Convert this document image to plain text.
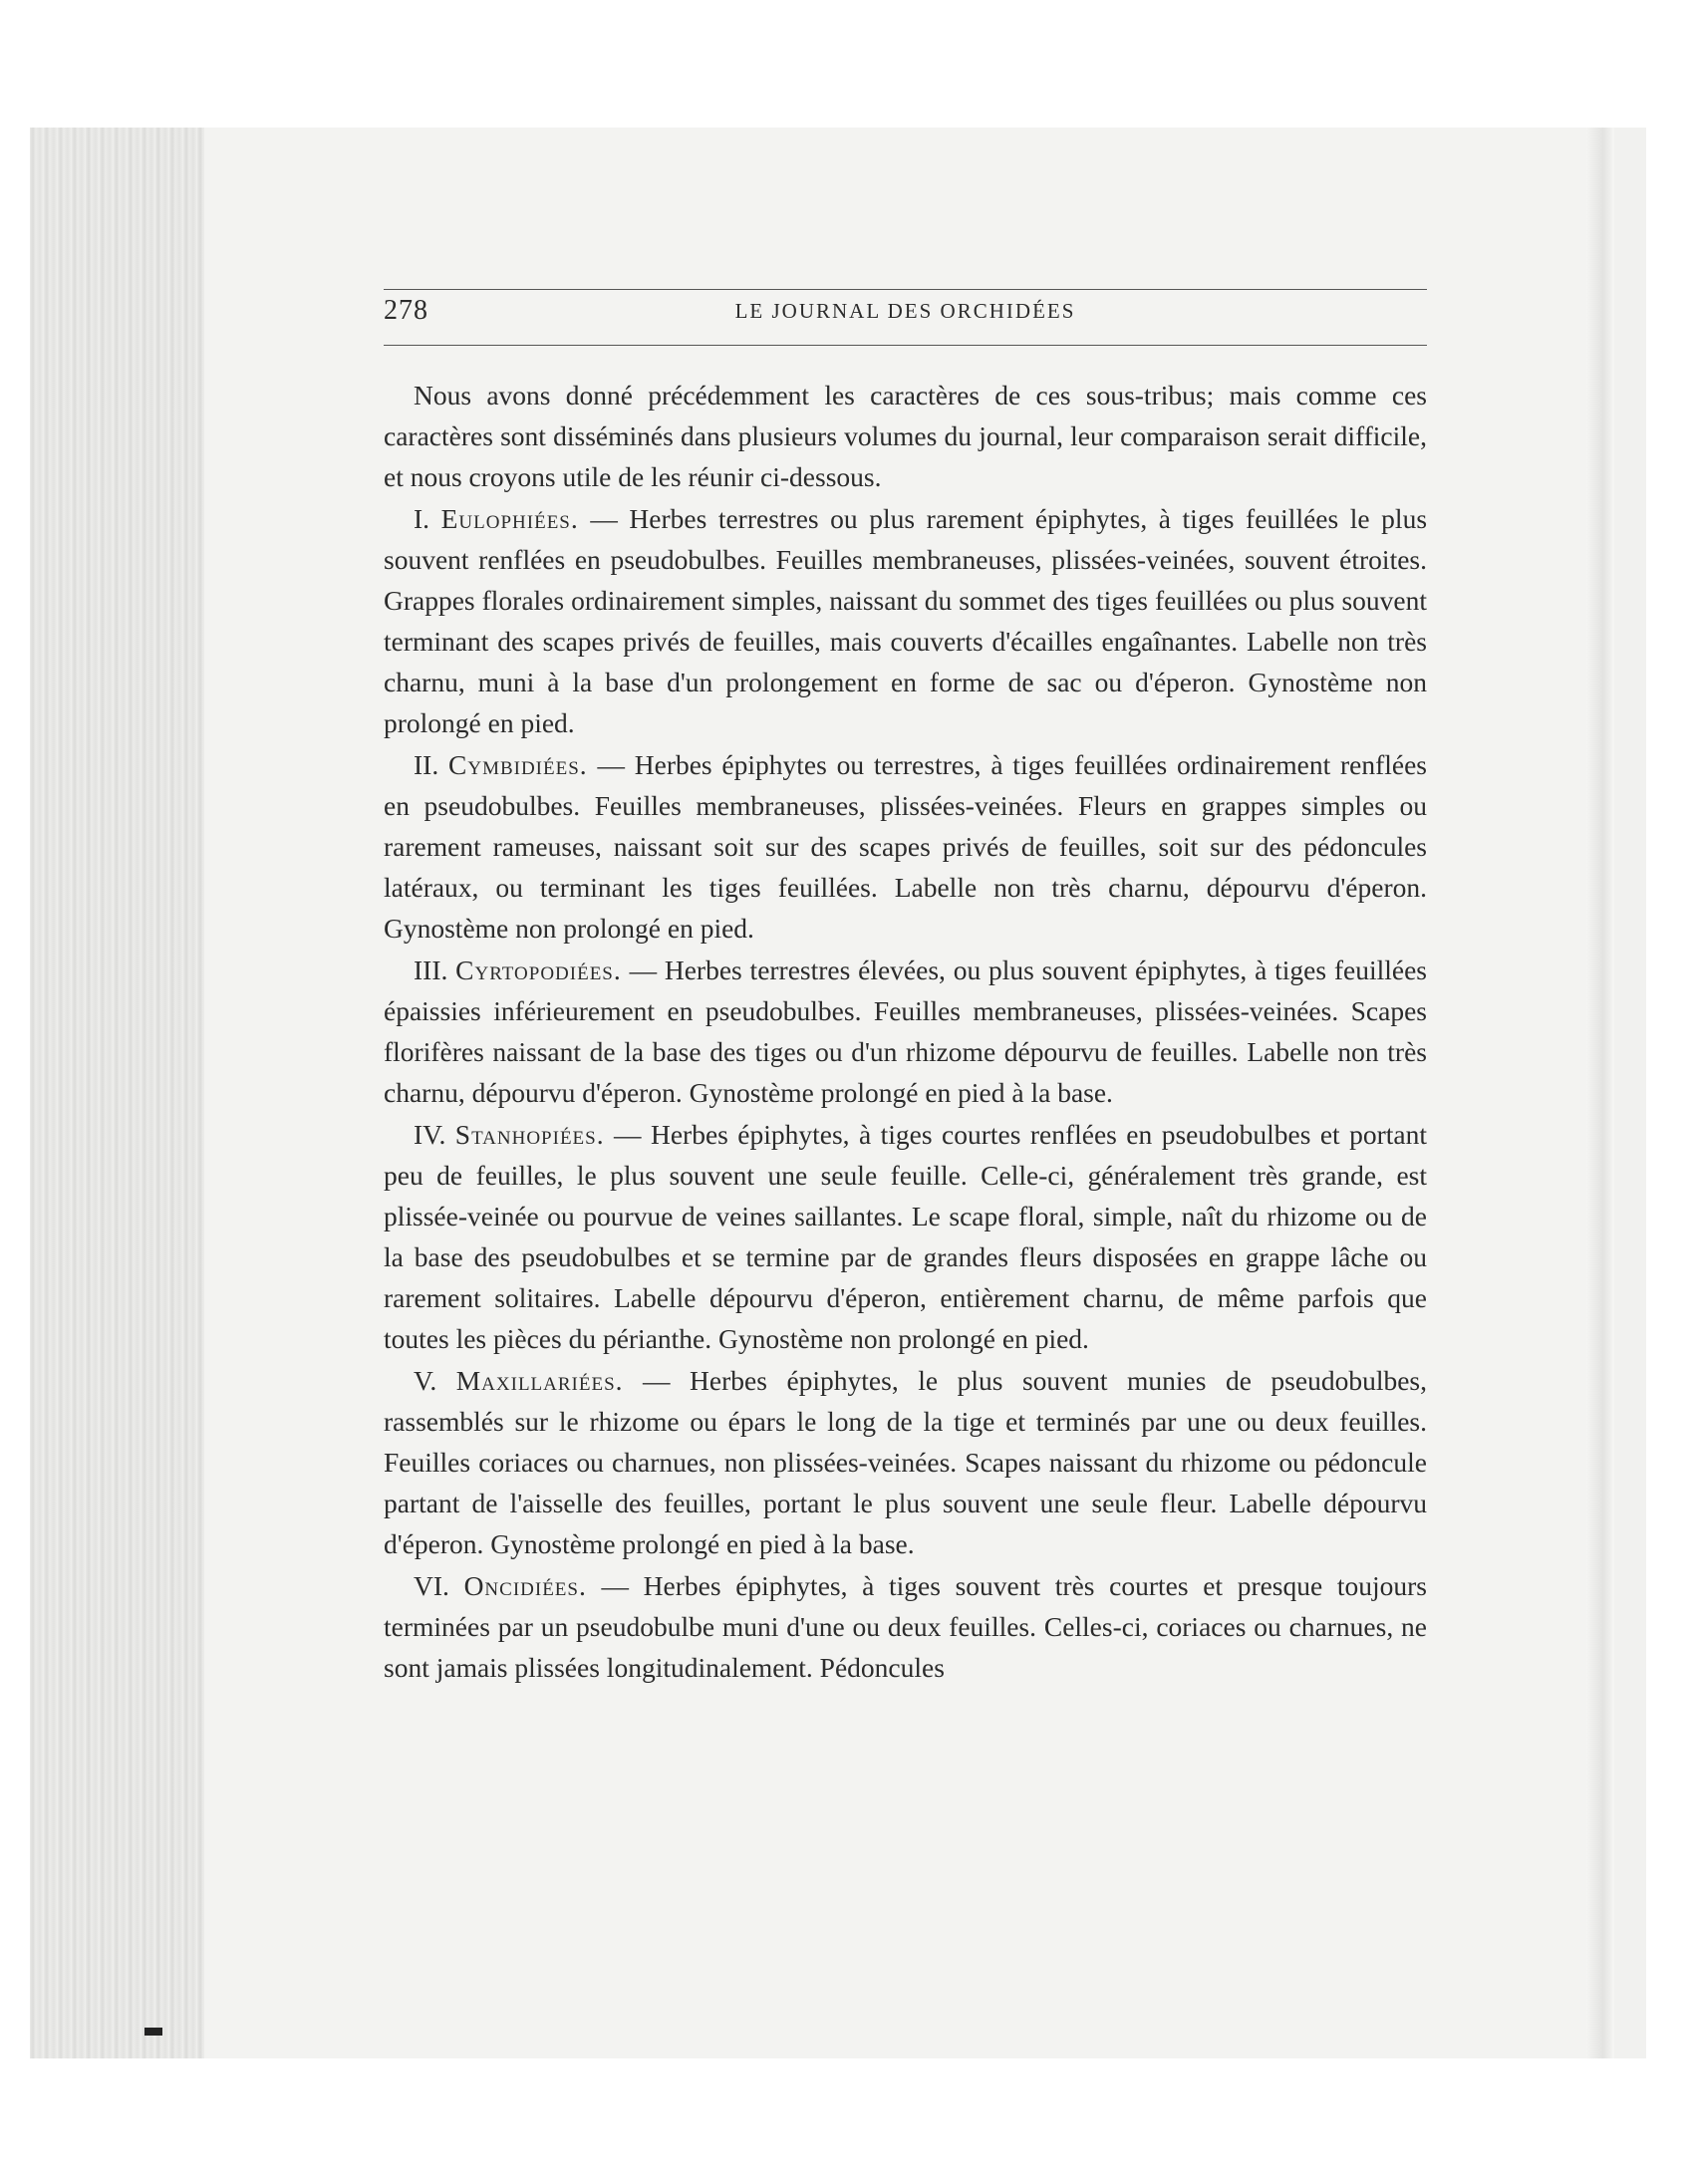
278	LE JOURNAL DES ORCHIDÉES

Nous avons donné précédemment les caractères de ces sous-tribus; mais comme ces caractères sont disséminés dans plusieurs volumes du journal, leur comparaison serait difficile, et nous croyons utile de les réunir ci-dessous.

I. Eulophiées. — Herbes terrestres ou plus rarement épiphytes, à tiges feuillées le plus souvent renflées en pseudobulbes. Feuilles membraneuses, plissées-veinées, souvent étroites. Grappes florales ordinairement simples, naissant du sommet des tiges feuillées ou plus souvent terminant des scapes privés de feuilles, mais couverts d'écailles engaînantes. Labelle non très charnu, muni à la base d'un prolongement en forme de sac ou d'éperon. Gynostème non prolongé en pied.

II. Cymbidiées. — Herbes épiphytes ou terrestres, à tiges feuillées ordinairement renflées en pseudobulbes. Feuilles membraneuses, plissées-veinées. Fleurs en grappes simples ou rarement rameuses, naissant soit sur des scapes privés de feuilles, soit sur des pédoncules latéraux, ou terminant les tiges feuillées. Labelle non très charnu, dépourvu d'éperon. Gynostème non prolongé en pied.

III. Cyrtopodiées. — Herbes terrestres élevées, ou plus souvent épiphytes, à tiges feuillées épaissies inférieurement en pseudobulbes. Feuilles membraneuses, plissées-veinées. Scapes florifères naissant de la base des tiges ou d'un rhizome dépourvu de feuilles. Labelle non très charnu, dépourvu d'éperon. Gynostème prolongé en pied à la base.

IV. Stanhopiées. — Herbes épiphytes, à tiges courtes renflées en pseudobulbes et portant peu de feuilles, le plus souvent une seule feuille. Celle-ci, généralement très grande, est plissée-veinée ou pourvue de veines saillantes. Le scape floral, simple, naît du rhizome ou de la base des pseudobulbes et se termine par de grandes fleurs disposées en grappe lâche ou rarement solitaires. Labelle dépourvu d'éperon, entièrement charnu, de même parfois que toutes les pièces du périanthe. Gynostème non prolongé en pied.

V. Maxillariées. — Herbes épiphytes, le plus souvent munies de pseudobulbes, rassemblés sur le rhizome ou épars le long de la tige et terminés par une ou deux feuilles. Feuilles coriaces ou charnues, non plissées-veinées. Scapes naissant du rhizome ou pédoncule partant de l'aisselle des feuilles, portant le plus souvent une seule fleur. Labelle dépourvu d'éperon. Gynostème prolongé en pied à la base.

VI. Oncidiées. — Herbes épiphytes, à tiges souvent très courtes et presque toujours terminées par un pseudobulbe muni d'une ou deux feuilles. Celles-ci, coriaces ou charnues, ne sont jamais plissées longitudinalement. Pédoncules
